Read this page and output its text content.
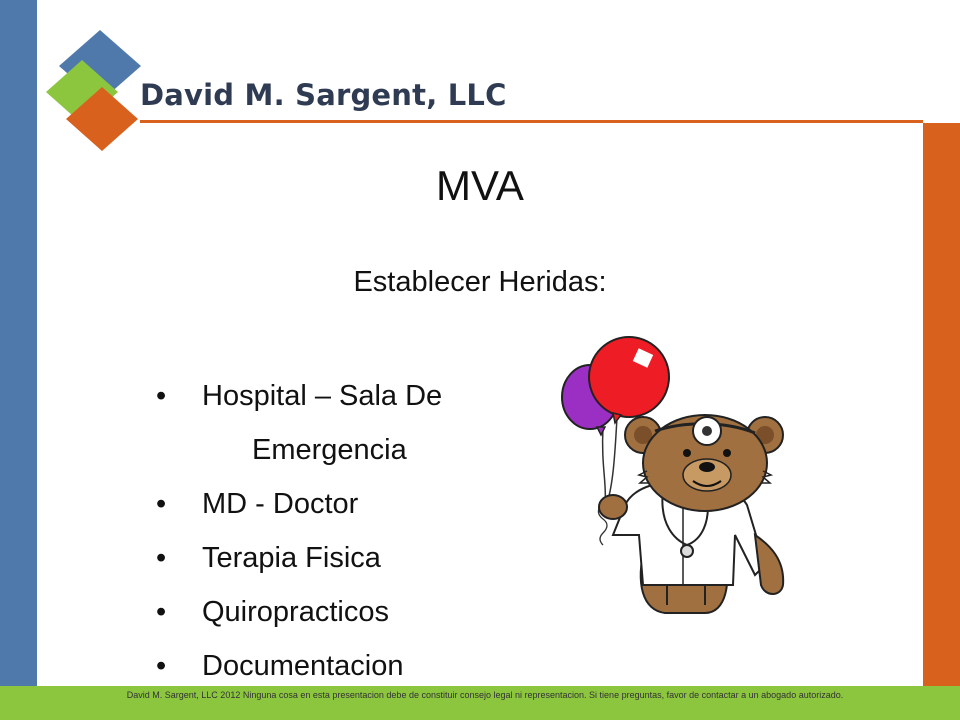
David M. Sargent, LLC
MVA
Establecer Heridas:
• Hospital – Sala De
Emergencia
• MD - Doctor
• Terapia Fisica
• Quiropracticos
• Documentacion
David M. Sargent, LLC 2012 Ninguna cosa en esta presentacion debe de constituir consejo legal ni representacion. Si tiene preguntas, favor de contactar a un abogado autorizado.
